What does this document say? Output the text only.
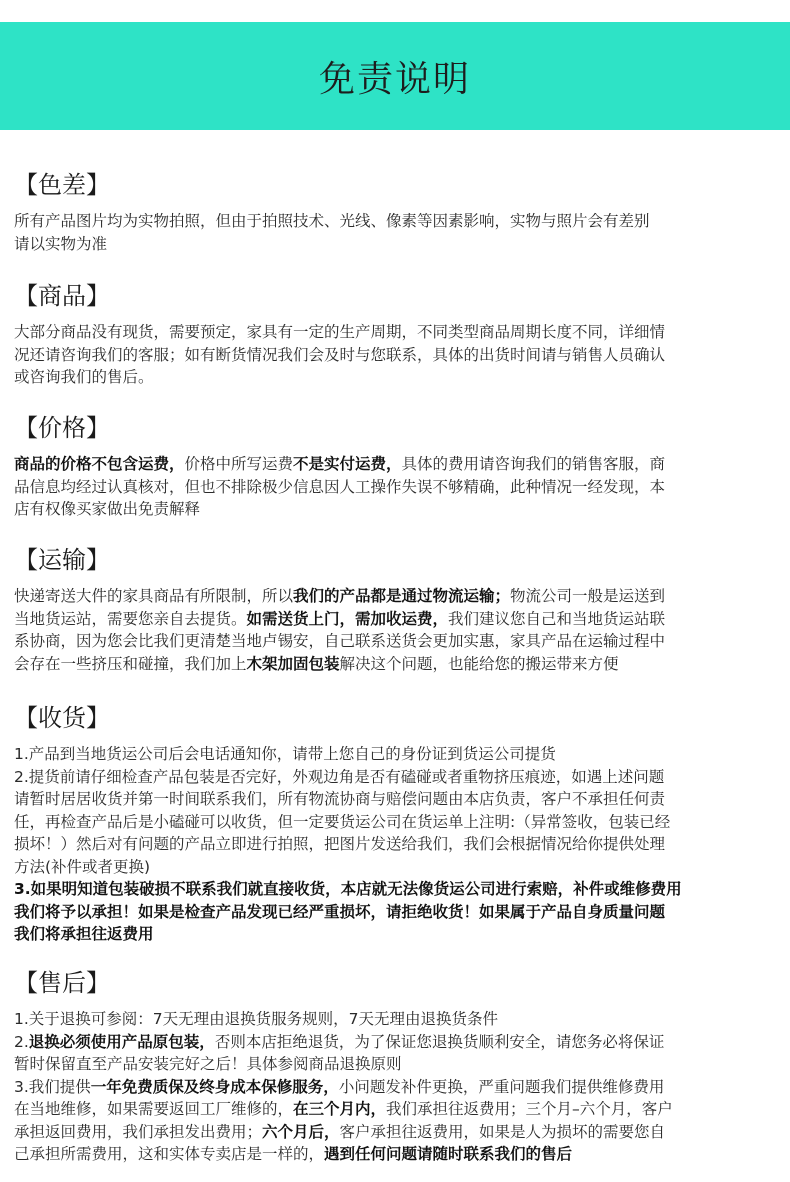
免责说明
【色差】
所有产品图片均为实物拍照，但由于拍照技术、光线、像素等因素影响，实物与照片会有差别
请以实物为准
【商品】
大部分商品没有现货，需要预定，家具有一定的生产周期，不同类型商品周期长度不同，详细情
况还请咨询我们的客服；如有断货情况我们会及时与您联系，具体的出货时间请与销售人员确认
或咨询我们的售后。
【价格】
商品的价格不包含运费，价格中所写运费不是实付运费，具体的费用请咨询我们的销售客服，商
品信息均经过认真核对，但也不排除极少信息因人工操作失误不够精确，此种情况一经发现，本
店有权像买家做出免责解释
【运输】
快递寄送大件的家具商品有所限制，所以我们的产品都是通过物流运输；物流公司一般是运送到
当地货运站，需要您亲自去提货。如需送货上门，需加收运费，我们建议您自己和当地货运站联
系协商，因为您会比我们更清楚当地卢锡安，自己联系送货会更加实惠，家具产品在运输过程中
会存在一些挤压和碰撞，我们加上木架加固包装解决这个问题，也能给您的搬运带来方便
【收货】
1.产品到当地货运公司后会电话通知你，请带上您自己的身份证到货运公司提货
2.提货前请仔细检查产品包装是否完好，外观边角是否有磕碰或者重物挤压痕迹，如遇上述问题
请暂时居居收货并第一时间联系我们，所有物流协商与赔偿问题由本店负责，客户不承担任何责
任，再检查产品后是小磕碰可以收货，但一定要货运公司在货运单上注明:（异常签收，包装已经
损坏！）然后对有问题的产品立即进行拍照，把图片发送给我们，我们会根据情况给你提供处理
方法(补件或者更换)
3.如果明知道包装破损不联系我们就直接收货，本店就无法像货运公司进行索赔，补件或维修费用
我们将予以承担！如果是检查产品发现已经严重损坏，请拒绝收货！如果属于产品自身质量问题
我们将承担往返费用
【售后】
1.关于退换可参阅：7天无理由退换货服务规则，7天无理由退换货条件
2.退换必须使用产品原包装，否则本店拒绝退货，为了保证您退换货顺利安全，请您务必将保证
暂时保留直至产品安装完好之后！具体参阅商品退换原则
3.我们提供一年免费质保及终身成本保修服务，小问题发补件更换，严重问题我们提供维修费用
在当地维修，如果需要返回工厂维修的，在三个月内，我们承担往返费用；三个月–六个月，客户
承担返回费用，我们承担发出费用；六个月后，客户承担往返费用，如果是人为损坏的需要您自
己承担所需费用，这和实体专卖店是一样的，遇到任何问题请随时联系我们的售后
